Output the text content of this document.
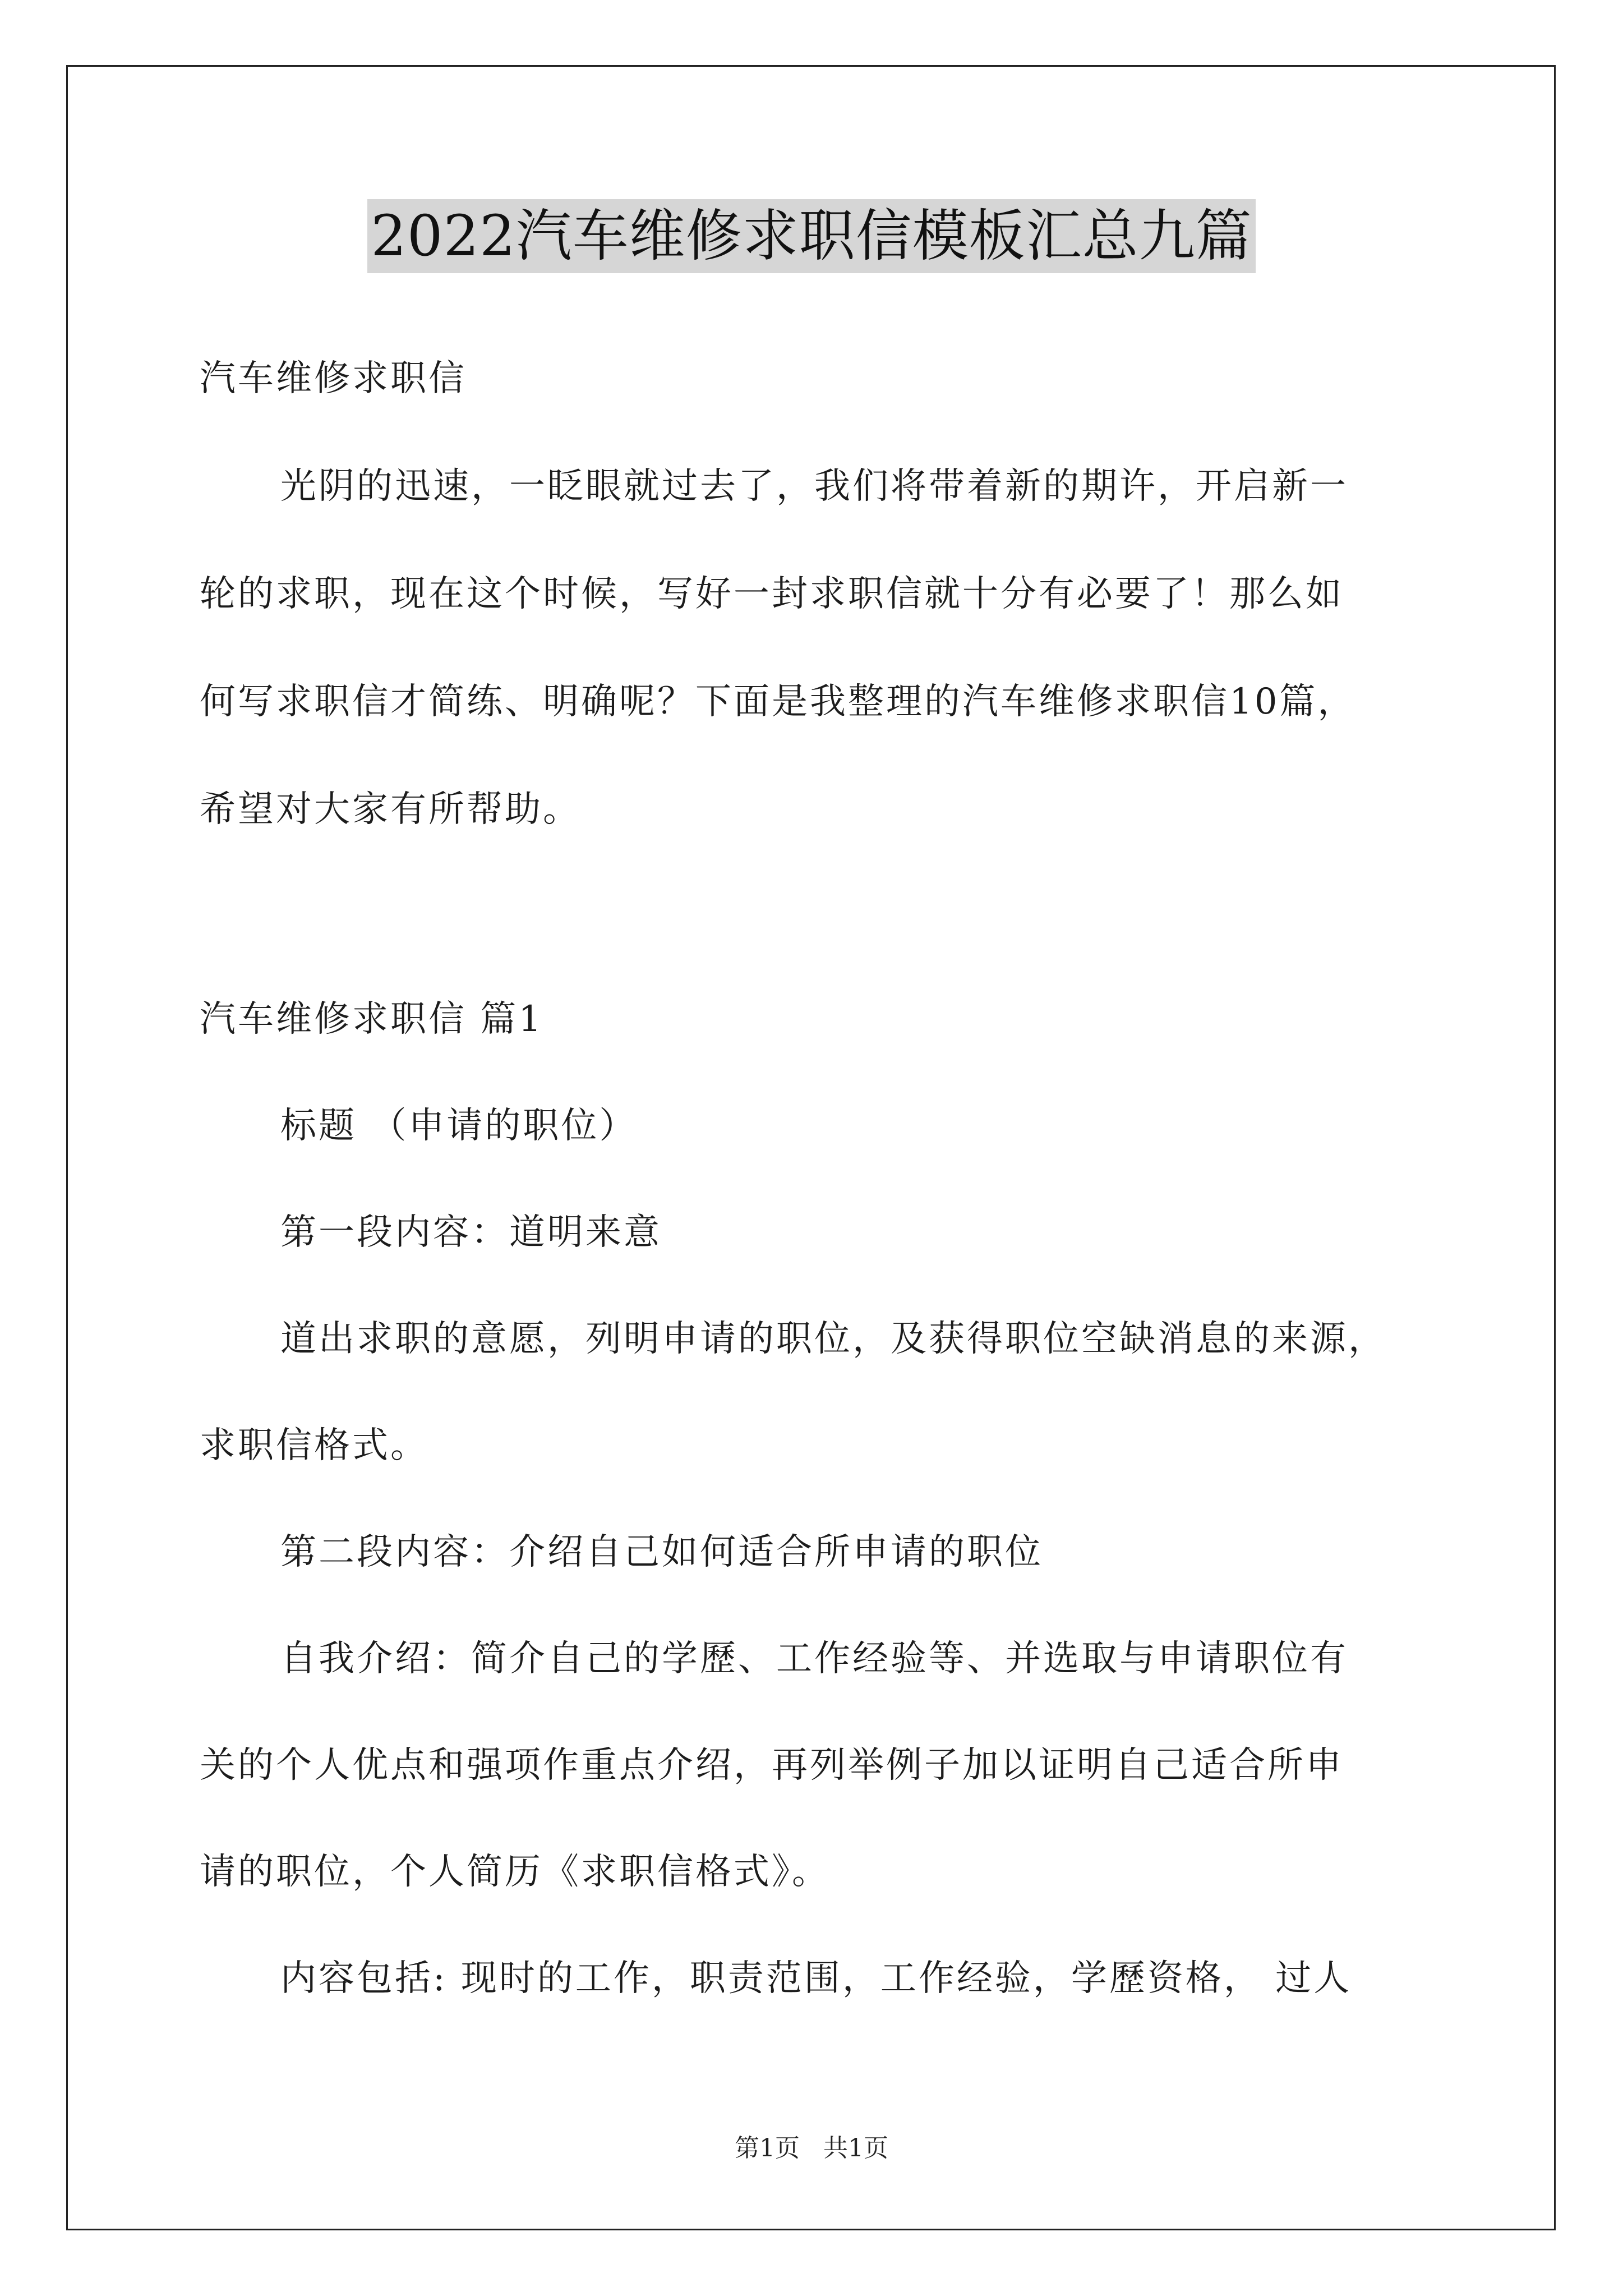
2022汽车维修求职信模板汇总九篇
汽车维修求职信
光阴的迅速，一眨眼就过去了，我们将带着新的期许，开启新一
轮的求职，现在这个时候，写好一封求职信就十分有必要了！那么如
何写求职信才简练、明确呢？下面是我整理的汽车维修求职信10篇，
希望对大家有所帮助。
汽车维修求职信 篇1
标题 （申请的职位）
第一段内容：道明来意
道出求职的意愿，列明申请的职位，及获得职位空缺消息的来源，
求职信格式。
第二段内容：介绍自己如何适合所申请的职位
自我介绍：简介自己的学歷、工作经验等、并选取与申请职位有
关的个人优点和强项作重点介绍，再列举例子加以证明自己适合所申
请的职位，个人简历《求职信格式》。
内容包括: 现时的工作，职责范围，工作经验，学歷资格， 过人
第1页 共1页
